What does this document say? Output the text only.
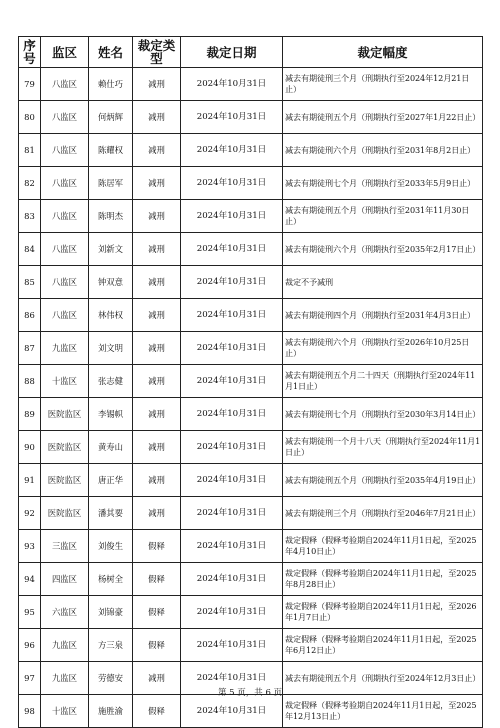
序号	监区	姓名	裁定类型	裁定日期	裁定幅度
79	八监区	赖仕巧	减刑	2024年10月31日	减去有期徒刑三个月（刑期执行至2024年12月21日止）
80	八监区	何炳辉	减刑	2024年10月31日	减去有期徒刑五个月（刑期执行至2027年1月22日止）
81	八监区	陈耀权	减刑	2024年10月31日	减去有期徒刑六个月（刑期执行至2031年8月2日止）
82	八监区	陈居军	减刑	2024年10月31日	减去有期徒刑七个月（刑期执行至2033年5月9日止）
83	八监区	陈明杰	减刑	2024年10月31日	减去有期徒刑五个月（刑期执行至2031年11月30日止）
84	八监区	刘新文	减刑	2024年10月31日	减去有期徒刑六个月（刑期执行至2035年2月17日止）
85	八监区	钟双意	减刑	2024年10月31日	裁定不予减刑
86	八监区	林伟权	减刑	2024年10月31日	减去有期徒刑四个月（刑期执行至2031年4月3日止）
87	九监区	刘文明	减刑	2024年10月31日	减去有期徒刑六个月（刑期执行至2026年10月25日止）
88	十监区	张志健	减刑	2024年10月31日	减去有期徒刑五个月二十四天（刑期执行至2024年11月1日止）
89	医院监区	李锡帜	减刑	2024年10月31日	减去有期徒刑七个月（刑期执行至2030年3月14日止）
90	医院监区	黄寿山	减刑	2024年10月31日	减去有期徒刑一个月十八天（刑期执行至2024年11月1日止）
91	医院监区	唐正华	减刑	2024年10月31日	减去有期徒刑五个月（刑期执行至2035年4月19日止）
92	医院监区	潘其要	减刑	2024年10月31日	减去有期徒刑三个月（刑期执行至2046年7月21日止）
93	三监区	刘俊生	假释	2024年10月31日	裁定假释（假释考验期自2024年11月1日起，至2025年4月10日止）
94	四监区	杨树全	假释	2024年10月31日	裁定假释（假释考验期自2024年11月1日起，至2025年8月28日止）
95	六监区	刘锦豪	假释	2024年10月31日	裁定假释（假释考验期自2024年11月1日起，至2026年1月7日止）
96	九监区	方三泉	假释	2024年10月31日	裁定假释（假释考验期自2024年11月1日起，至2025年6月12日止）
97	九监区	劳德安	减刑	2024年10月31日	减去有期徒刑五个月（刑期执行至2024年12月3日止）
98	十监区	施胜渝	假释	2024年10月31日	裁定假释（假释考验期自2024年11月1日起，至2025年12月13日止）
第 5 页，共 6 页
